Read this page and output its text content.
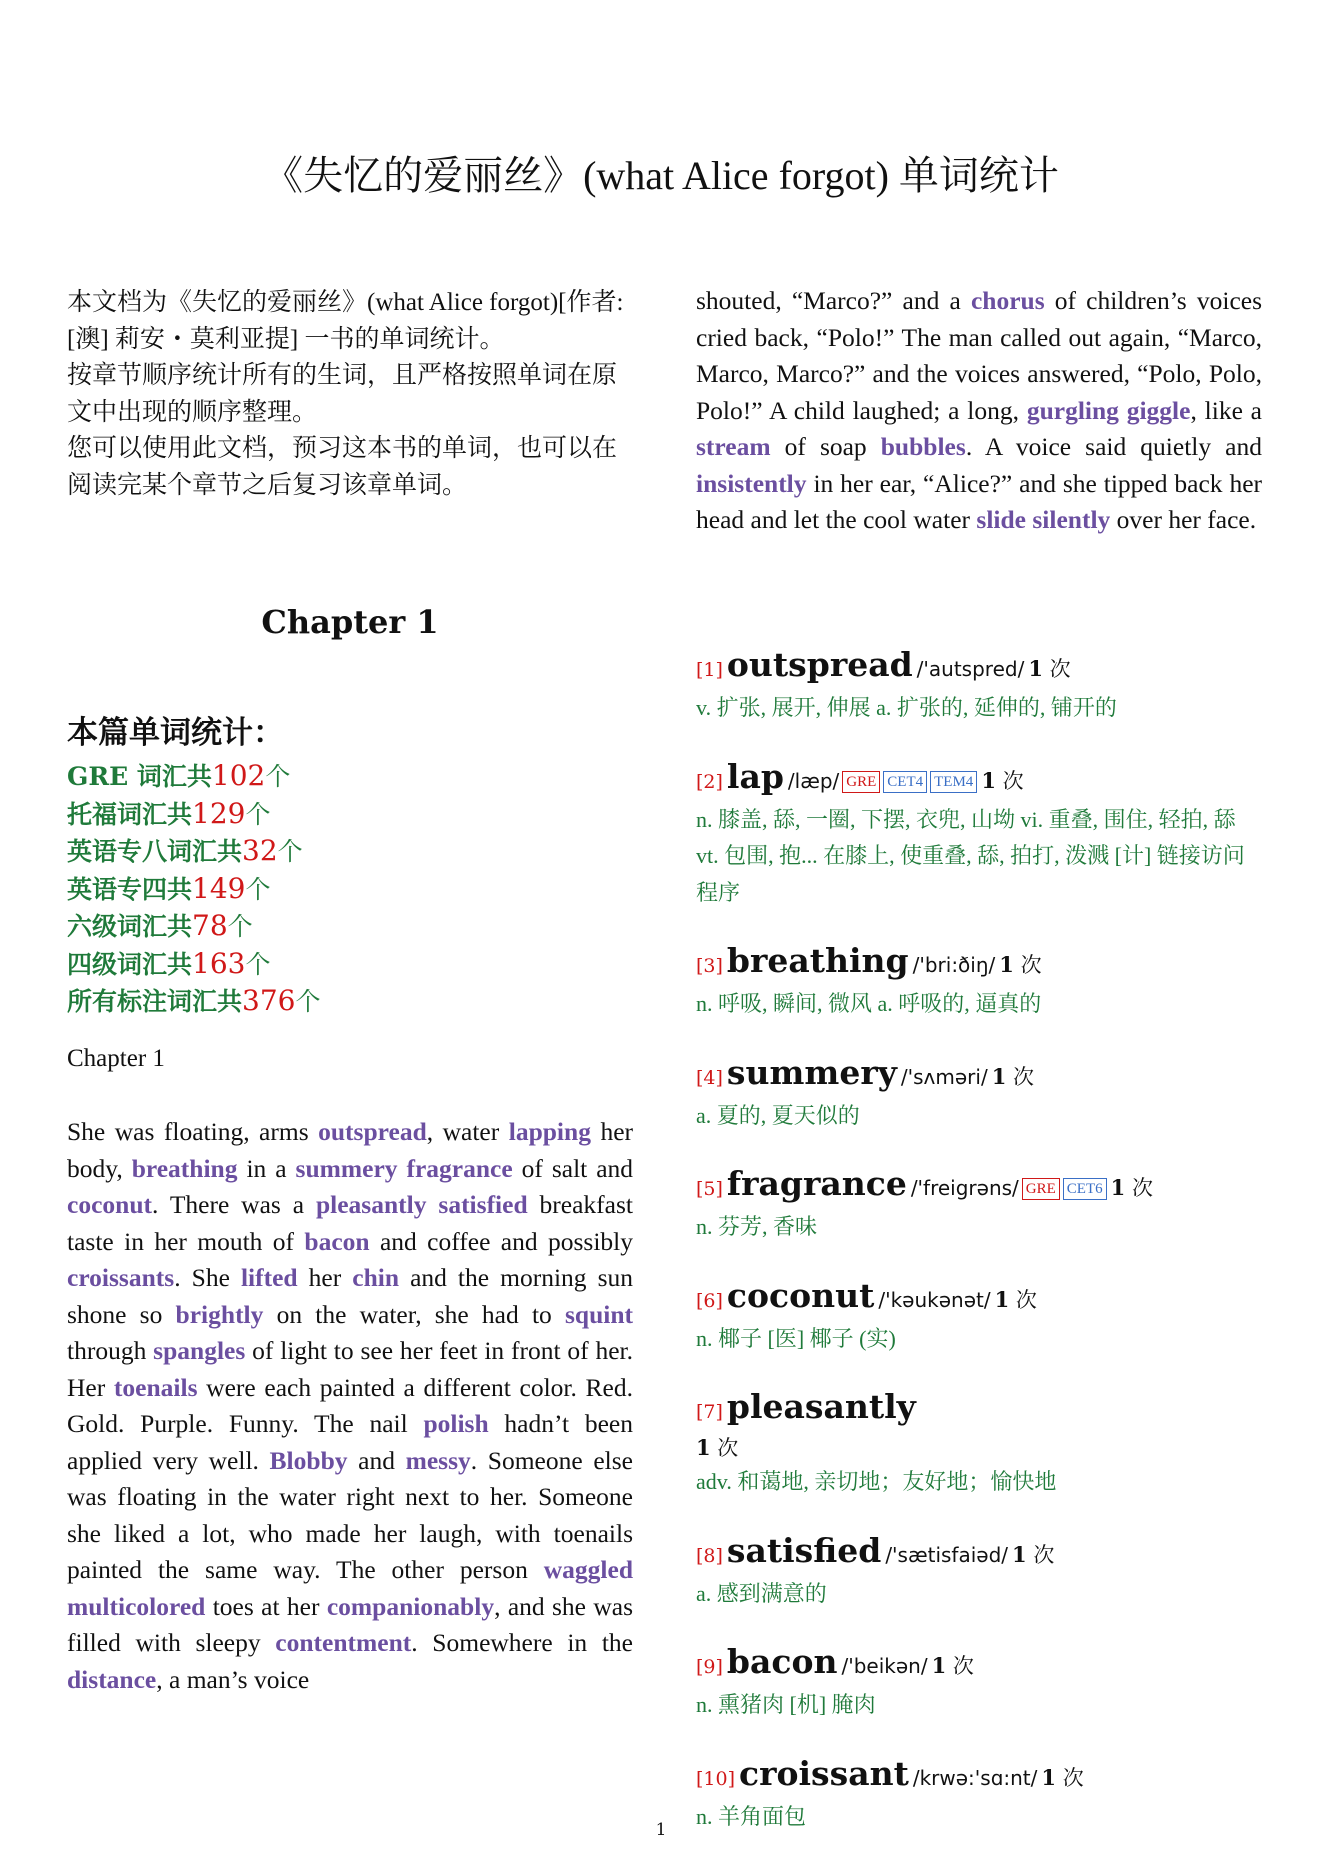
《失忆的爱丽丝》(what Alice forgot) 单词统计

本文档为《失忆的爱丽丝》(what Alice forgot)[作者: [澳] 莉安・莫利亚提] 一书的单词统计。

按章节顺序统计所有的生词，且严格按照单词在原文中出现的顺序整理。

您可以使用此文档，预习这本书的单词，也可以在阅读完某个章节之后复习该章单词。

Chapter 1
本篇单词统计：
GRE 词汇共102个
托福词汇共129个
英语专八词汇共32个
英语专四共149个
六级词汇共78个
四级词汇共163个
所有标注词汇共376个
Chapter 1

She was floating, arms outspread, water lapping her body, breathing in a summery fragrance of salt and coconut. There was a pleasantly satisfied breakfast taste in her mouth of bacon and coffee and possibly croissants. She lifted her chin and the morning sun shone so brightly on the water, she had to squint through spangles of light to see her feet in front of her. Her toenails were each painted a different color. Red. Gold. Purple. Funny. The nail polish hadn’t been applied very well. Blobby and messy. Someone else was floating in the water right next to her. Someone she liked a lot, who made her laugh, with toenails painted the same way. The other person waggled multicolored toes at her companionably, and she was filled with sleepy contentment. Somewhere in the distance, a man’s voice

shouted, “Marco?” and a chorus of children’s voices cried back, “Polo!” The man called out again, “Marco, Marco, Marco?” and the voices answered, “Polo, Polo, Polo!” A child laughed; a long, gurgling giggle, like a stream of soap bubbles. A voice said quietly and insistently in her ear, “Alice?” and she tipped back her head and let the cool water slide silently over her face.

[1] outspread /'autspred/ 1 次
v. 扩张, 展开, 伸展 a. 扩张的, 延伸的, 铺开的
[2] lap /læp/ GRE CET4 TEM4 1 次
n. 膝盖, 舔, 一圈, 下摆, 衣兜, 山坳 vi. 重叠, 围住, 轻拍, 舔 vt. 包围, 抱... 在膝上, 使重叠, 舔, 拍打, 泼溅 [计] 链接访问程序
[3] breathing /'bri:ðiŋ/ 1 次
n. 呼吸, 瞬间, 微风 a. 呼吸的, 逼真的
[4] summery /'sʌməri/ 1 次
a. 夏的, 夏天似的
[5] fragrance /'freigrəns/ GRE CET6 1 次
n. 芬芳, 香味
[6] coconut /'kəukənət/ 1 次
n. 椰子 [医] 椰子 (实)
[7] pleasantly
1 次
adv. 和蔼地, 亲切地；友好地；愉快地
[8] satisfied /'sætisfaiəd/ 1 次
a. 感到满意的
[9] bacon /'beikən/ 1 次
n. 熏猪肉 [机] 腌肉
[10] croissant /krwə:'sɑ:nt/ 1 次
n. 羊角面包
1
